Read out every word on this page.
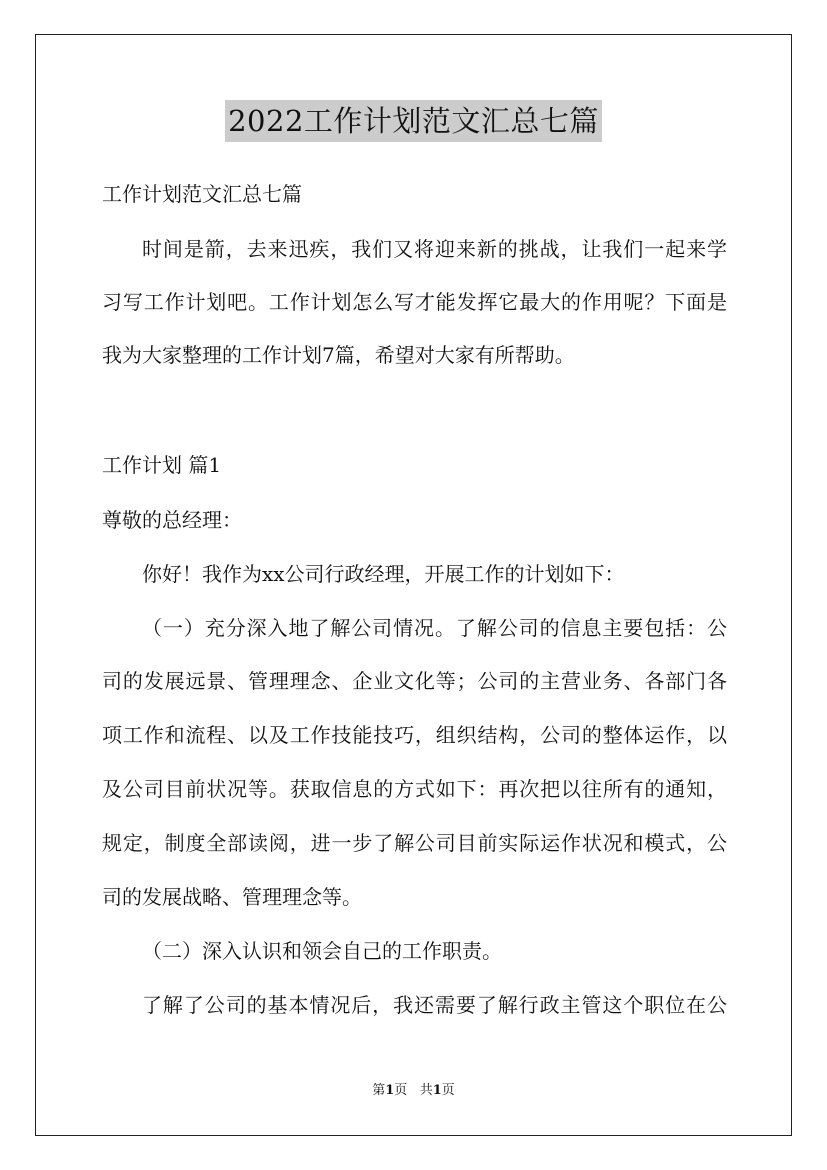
2022工作计划范文汇总七篇
工作计划范文汇总七篇
时间是箭，去来迅疾，我们又将迎来新的挑战，让我们一起来学
习写工作计划吧。工作计划怎么写才能发挥它最大的作用呢？下面是
我为大家整理的工作计划7篇，希望对大家有所帮助。
工作计划 篇1
尊敬的总经理：
你好！我作为xx公司行政经理，开展工作的计划如下：
（一）充分深入地了解公司情况。了解公司的信息主要包括：公
司的发展远景、管理理念、企业文化等；公司的主营业务、各部门各
项工作和流程、以及工作技能技巧，组织结构，公司的整体运作，以
及公司目前状况等。获取信息的方式如下：再次把以往所有的通知，
规定，制度全部读阅，进一步了解公司目前实际运作状况和模式，公
司的发展战略、管理理念等。
（二）深入认识和领会自己的工作职责。
了解了公司的基本情况后，我还需要了解行政主管这个职位在公
第1页 共1页
